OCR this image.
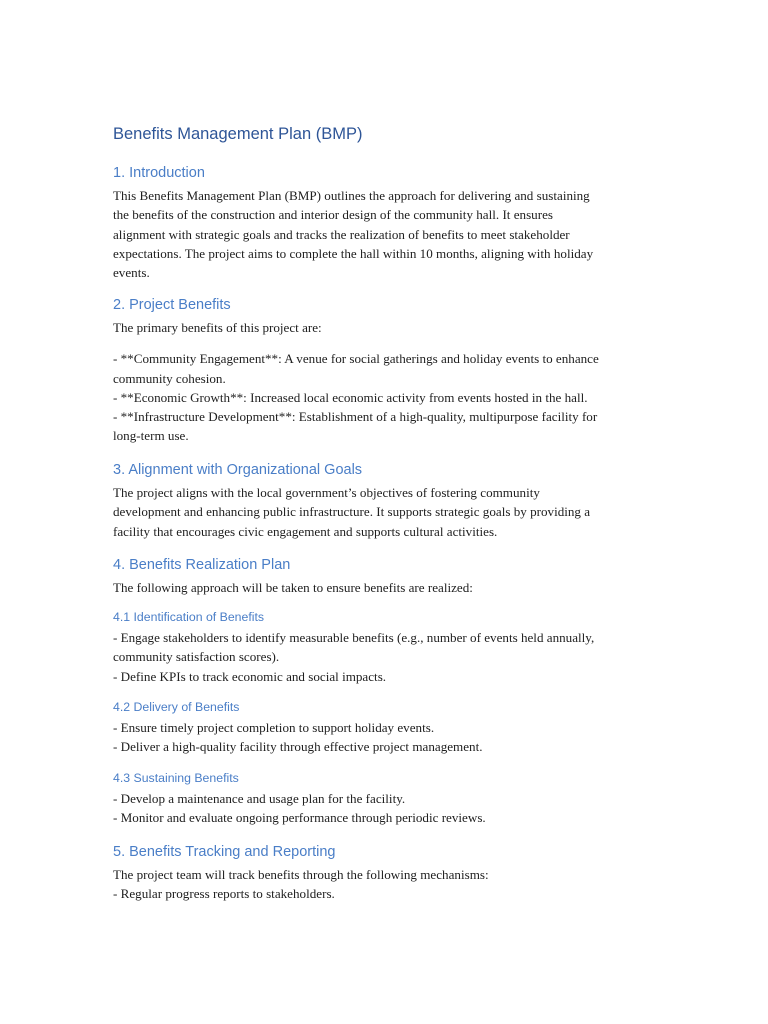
Benefits Management Plan (BMP)
1. Introduction
This Benefits Management Plan (BMP) outlines the approach for delivering and sustaining
the benefits of the construction and interior design of the community hall. It ensures
alignment with strategic goals and tracks the realization of benefits to meet stakeholder
expectations. The project aims to complete the hall within 10 months, aligning with holiday
events.
2. Project Benefits
The primary benefits of this project are:
- **Community Engagement**: A venue for social gatherings and holiday events to enhance
community cohesion.
- **Economic Growth**: Increased local economic activity from events hosted in the hall.
- **Infrastructure Development**: Establishment of a high-quality, multipurpose facility for
long-term use.
3. Alignment with Organizational Goals
The project aligns with the local government’s objectives of fostering community
development and enhancing public infrastructure. It supports strategic goals by providing a
facility that encourages civic engagement and supports cultural activities.
4. Benefits Realization Plan
The following approach will be taken to ensure benefits are realized:
4.1 Identification of Benefits
- Engage stakeholders to identify measurable benefits (e.g., number of events held annually,
community satisfaction scores).
- Define KPIs to track economic and social impacts.
4.2 Delivery of Benefits
- Ensure timely project completion to support holiday events.
- Deliver a high-quality facility through effective project management.
4.3 Sustaining Benefits
- Develop a maintenance and usage plan for the facility.
- Monitor and evaluate ongoing performance through periodic reviews.
5. Benefits Tracking and Reporting
The project team will track benefits through the following mechanisms:
- Regular progress reports to stakeholders.
